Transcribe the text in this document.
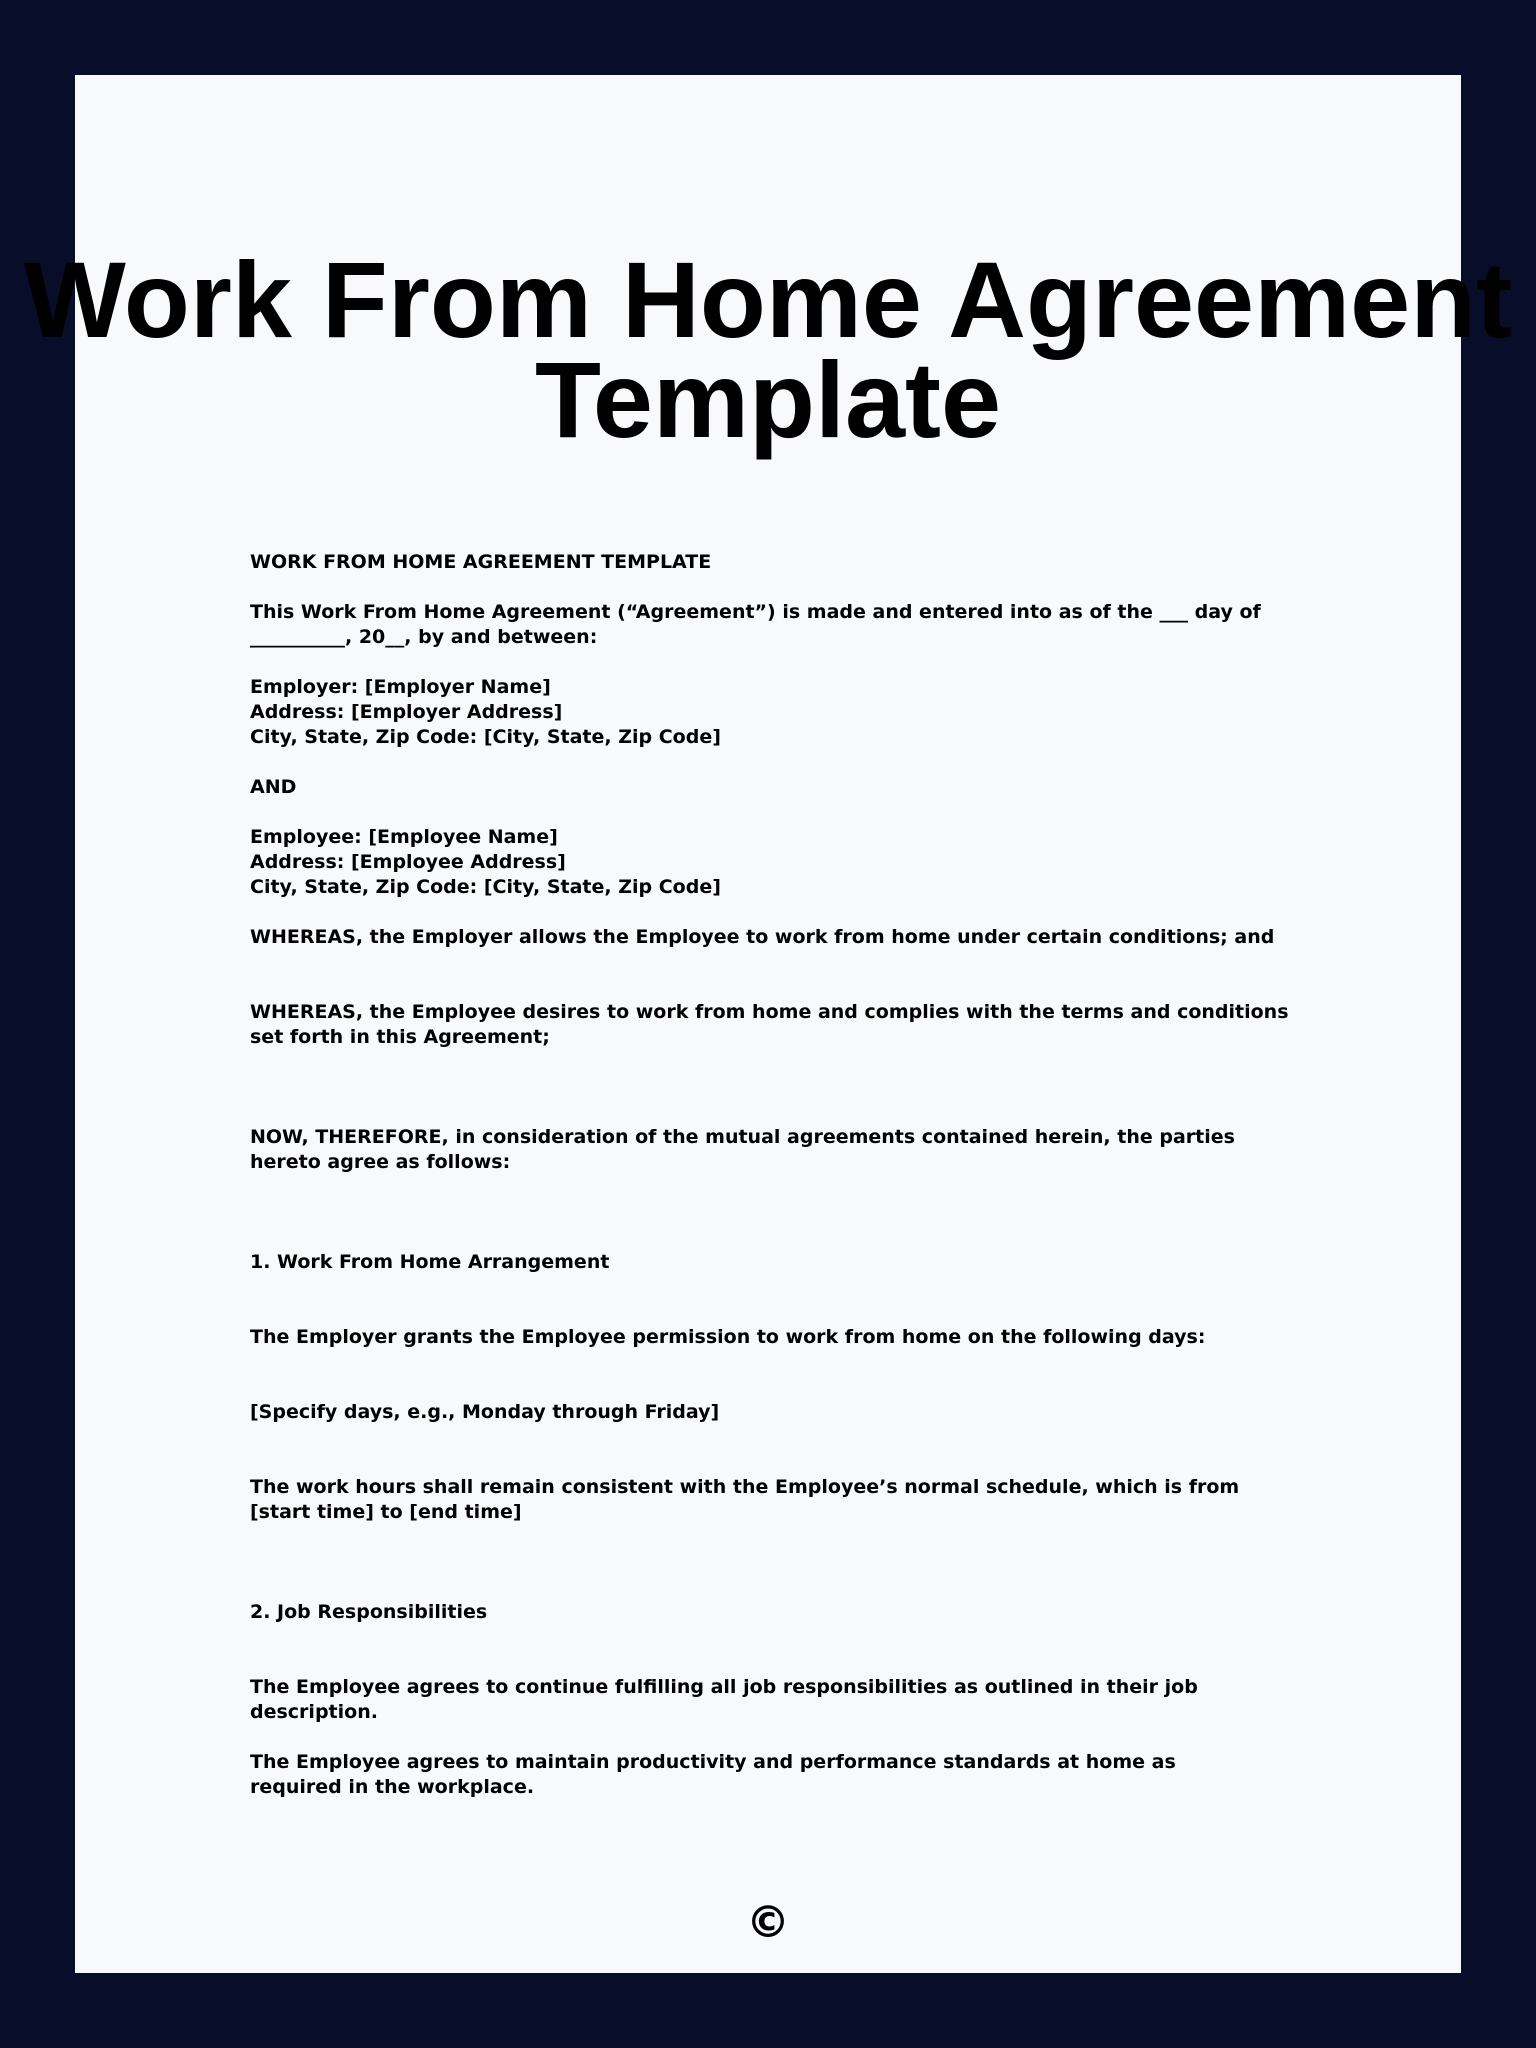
Work From Home Agreement
Template

WORK FROM HOME AGREEMENT TEMPLATE

This Work From Home Agreement (“Agreement”) is made and entered into as of the ___ day of __________, 20__, by and between:

Employer: [Employer Name]
Address: [Employer Address]
City, State, Zip Code: [City, State, Zip Code]

AND

Employee: [Employee Name]
Address: [Employee Address]
City, State, Zip Code: [City, State, Zip Code]

WHEREAS, the Employer allows the Employee to work from home under certain conditions; and

WHEREAS, the Employee desires to work from home and complies with the terms and conditions set forth in this Agreement;

NOW, THEREFORE, in consideration of the mutual agreements contained herein, the parties hereto agree as follows:

1. Work From Home Arrangement

The Employer grants the Employee permission to work from home on the following days:

[Specify days, e.g., Monday through Friday]

The work hours shall remain consistent with the Employee’s normal schedule, which is from [start time] to [end time]

2. Job Responsibilities

The Employee agrees to continue fulfilling all job responsibilities as outlined in their job description.

The Employee agrees to maintain productivity and performance standards at home as required in the workplace.

©
